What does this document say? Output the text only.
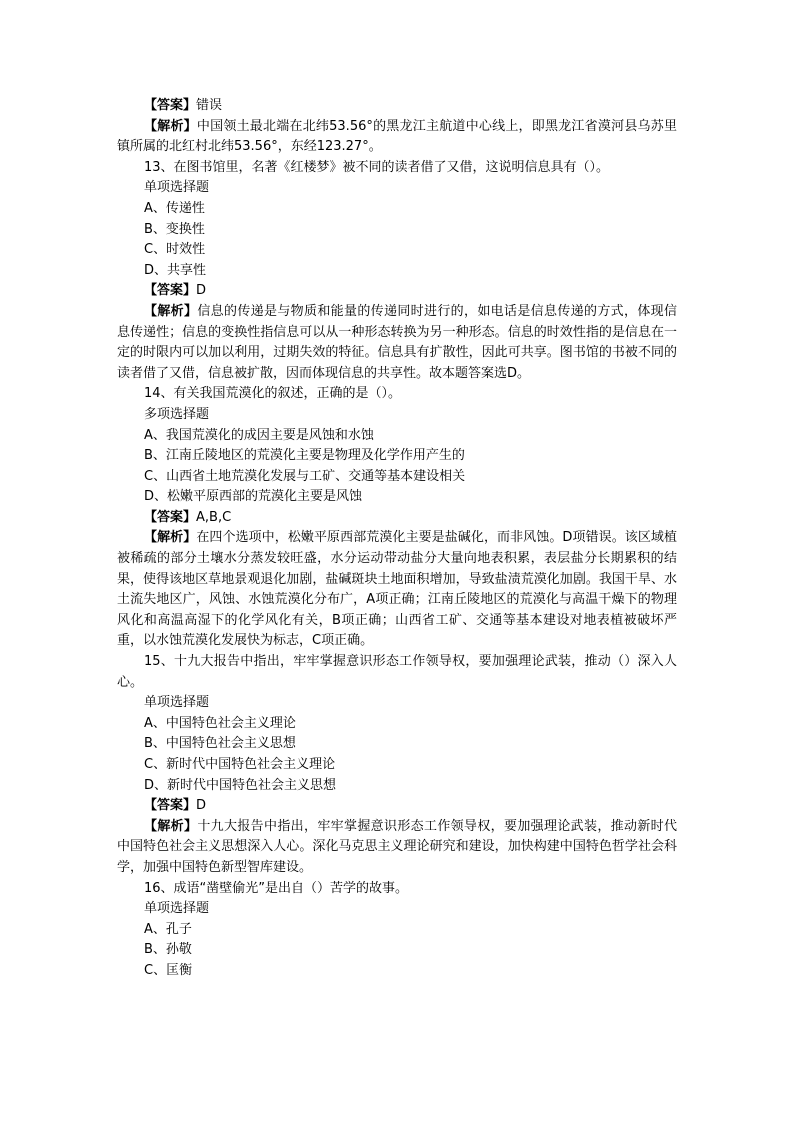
【答案】错误

【解析】中国领土最北端在北纬53.56°的黑龙江主航道中心线上，即黑龙江省漠河县乌苏里镇所属的北红村北纬53.56°，东经123.27°。

13、在图书馆里，名著《红楼梦》被不同的读者借了又借，这说明信息具有（）。

单项选择题

A、传递性

B、变换性

C、时效性

D、共享性

【答案】D

【解析】信息的传递是与物质和能量的传递同时进行的，如电话是信息传递的方式，体现信息传递性；信息的变换性指信息可以从一种形态转换为另一种形态。信息的时效性指的是信息在一定的时限内可以加以利用，过期失效的特征。信息具有扩散性，因此可共享。图书馆的书被不同的读者借了又借，信息被扩散，因而体现信息的共享性。故本题答案选D。

14、有关我国荒漠化的叙述，正确的是（）。

多项选择题

A、我国荒漠化的成因主要是风蚀和水蚀

B、江南丘陵地区的荒漠化主要是物理及化学作用产生的

C、山西省土地荒漠化发展与工矿、交通等基本建设相关

D、松嫩平原西部的荒漠化主要是风蚀

【答案】A,B,C

【解析】在四个选项中，松嫩平原西部荒漠化主要是盐碱化，而非风蚀。D项错误。该区域植被稀疏的部分土壤水分蒸发较旺盛，水分运动带动盐分大量向地表积累，表层盐分长期累积的结果，使得该地区草地景观退化加剧，盐碱斑块土地面积增加，导致盐渍荒漠化加剧。我国干旱、水土流失地区广，风蚀、水蚀荒漠化分布广，A项正确；江南丘陵地区的荒漠化与高温干燥下的物理风化和高温高湿下的化学风化有关，B项正确；山西省工矿、交通等基本建设对地表植被破坏严重，以水蚀荒漠化发展快为标志，C项正确。

15、十九大报告中指出，牢牢掌握意识形态工作领导权，要加强理论武装，推动（）深入人心。

单项选择题

A、中国特色社会主义理论

B、中国特色社会主义思想

C、新时代中国特色社会主义理论

D、新时代中国特色社会主义思想

【答案】D

【解析】十九大报告中指出，牢牢掌握意识形态工作领导权，要加强理论武装，推动新时代中国特色社会主义思想深入人心。深化马克思主义理论研究和建设，加快构建中国特色哲学社会科学，加强中国特色新型智库建设。

16、成语“凿壁偷光”是出自（）苦学的故事。

单项选择题

A、孔子

B、孙敬

C、匡衡
